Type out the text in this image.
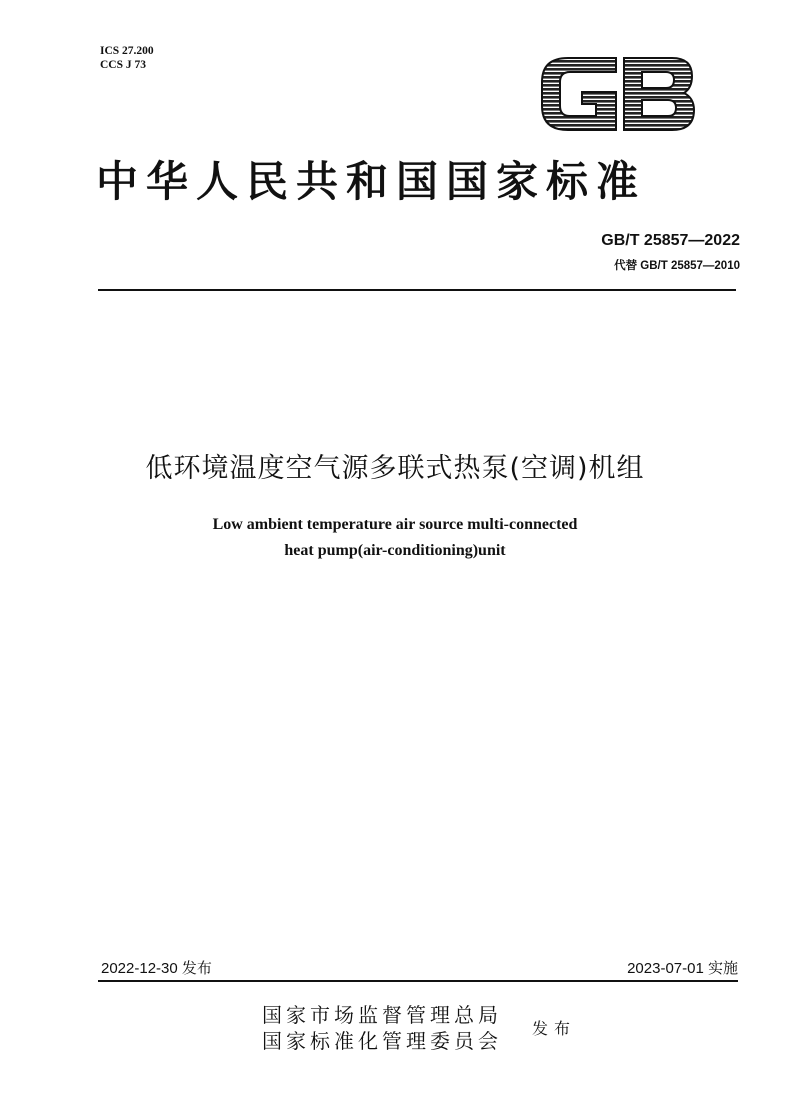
ICS 27.200
CCS J 73
中华人民共和国国家标准
GB/T 25857—2022
代替 GB/T 25857—2010
低环境温度空气源多联式热泵(空调)机组
Low ambient temperature air source multi-connected
heat pump(air-conditioning)unit
2022-12-30 发布	2023-07-01 实施
国家市场监督管理总局
国家标准化管理委员会
发布
